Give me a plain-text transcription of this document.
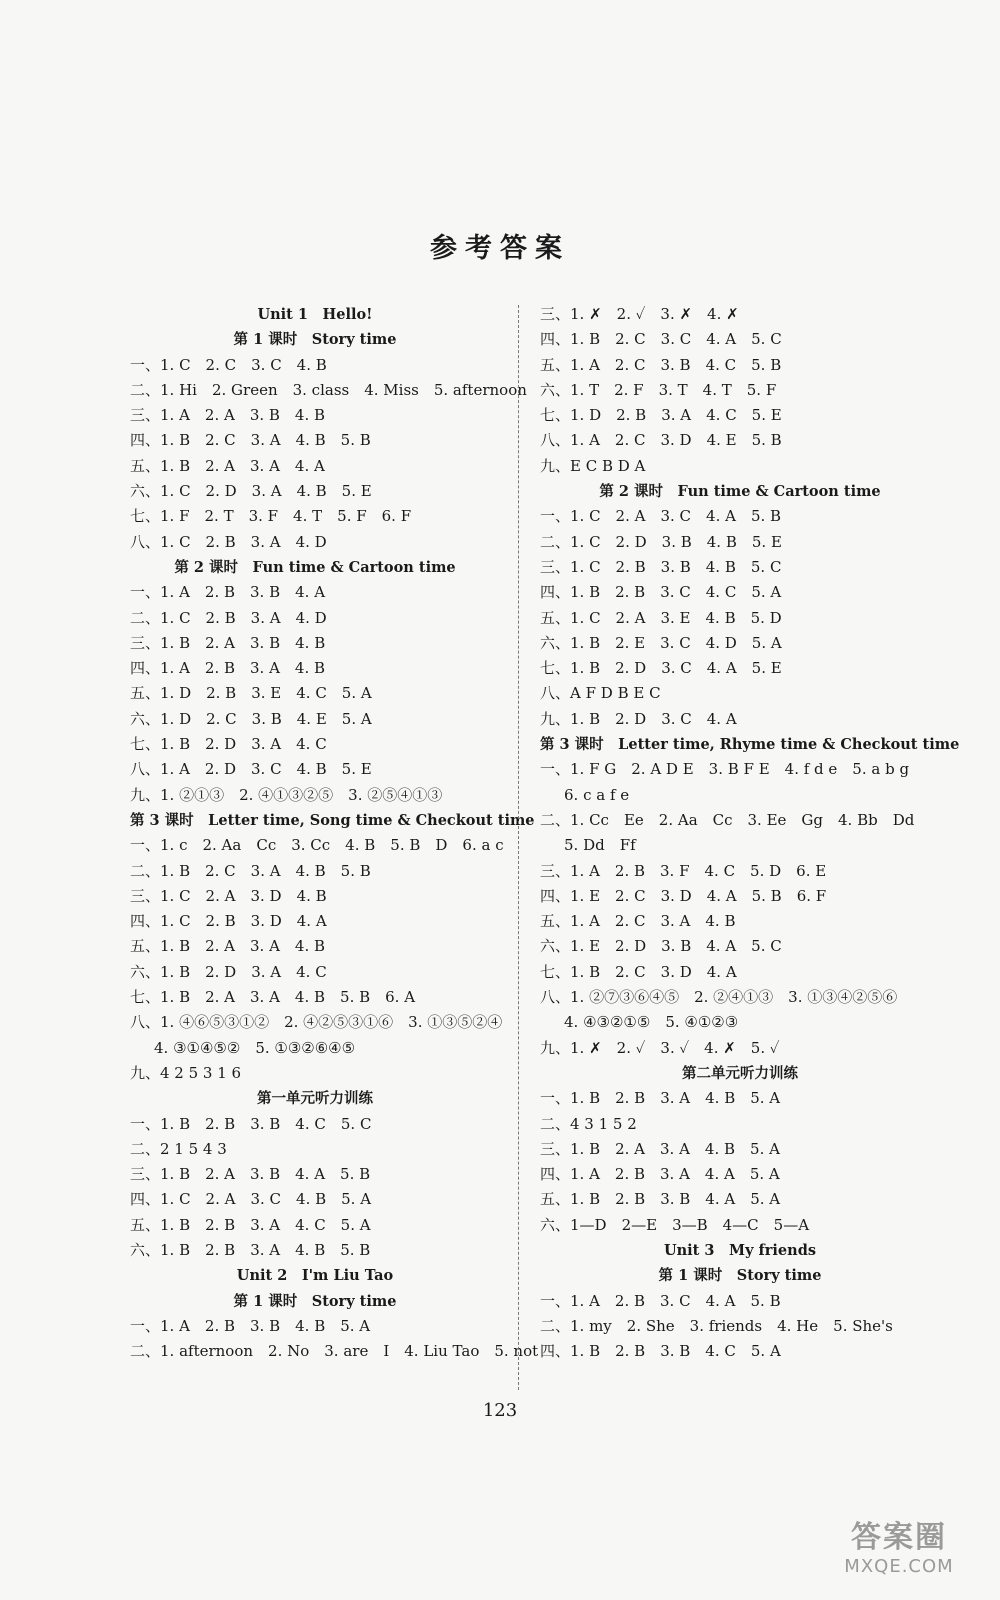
参考答案
Unit 1　Hello!
第 1 课时　Story time
一、1. C　2. C　3. C　4. B
二、1. Hi　2. Green　3. class　4. Miss　5. afternoon
三、1. A　2. A　3. B　4. B
四、1. B　2. C　3. A　4. B　5. B
五、1. B　2. A　3. A　4. A
六、1. C　2. D　3. A　4. B　5. E
七、1. F　2. T　3. F　4. T　5. F　6. F
八、1. C　2. B　3. A　4. D
第 2 课时　Fun time & Cartoon time
一、1. A　2. B　3. B　4. A
二、1. C　2. B　3. A　4. D
三、1. B　2. A　3. B　4. B
四、1. A　2. B　3. A　4. B
五、1. D　2. B　3. E　4. C　5. A
六、1. D　2. C　3. B　4. E　5. A
七、1. B　2. D　3. A　4. C
八、1. A　2. D　3. C　4. B　5. E
九、1. ②①③　2. ④①③②⑤　3. ②⑤④①③
第 3 课时　Letter time, Song time & Checkout time
一、1. c　2. Aa　Cc　3. Cc　4. B　5. B　D　6. a c
二、1. B　2. C　3. A　4. B　5. B
三、1. C　2. A　3. D　4. B
四、1. C　2. B　3. D　4. A
五、1. B　2. A　3. A　4. B
六、1. B　2. D　3. A　4. C
七、1. B　2. A　3. A　4. B　5. B　6. A
八、1. ④⑥⑤③①②　2. ④②⑤③①⑥　3. ①③⑤②④
4. ③①④⑤②　5. ①③②⑥④⑤
九、4 2 5 3 1 6
第一单元听力训练
一、1. B　2. B　3. B　4. C　5. C
二、2 1 5 4 3
三、1. B　2. A　3. B　4. A　5. B
四、1. C　2. A　3. C　4. B　5. A
五、1. B　2. B　3. A　4. C　5. A
六、1. B　2. B　3. A　4. B　5. B
Unit 2　I'm Liu Tao
第 1 课时　Story time
一、1. A　2. B　3. B　4. B　5. A
二、1. afternoon　2. No　3. are　I　4. Liu Tao　5. not
三、1. ✗　2. ✓　3. ✗　4. ✗
四、1. B　2. C　3. C　4. A　5. C
五、1. A　2. C　3. B　4. C　5. B
六、1. T　2. F　3. T　4. T　5. F
七、1. D　2. B　3. A　4. C　5. E
八、1. A　2. C　3. D　4. E　5. B
九、E C B D A
第 2 课时　Fun time & Cartoon time
一、1. C　2. A　3. C　4. A　5. B
二、1. C　2. D　3. B　4. B　5. E
三、1. C　2. B　3. B　4. B　5. C
四、1. B　2. B　3. C　4. C　5. A
五、1. C　2. A　3. E　4. B　5. D
六、1. B　2. E　3. C　4. D　5. A
七、1. B　2. D　3. C　4. A　5. E
八、A F D B E C
九、1. B　2. D　3. C　4. A
第 3 课时　Letter time, Rhyme time & Checkout time
一、1. F G　2. A D E　3. B F E　4. f d e　5. a b g
6. c a f e
二、1. Cc　Ee　2. Aa　Cc　3. Ee　Gg　4. Bb　Dd
5. Dd　Ff
三、1. A　2. B　3. F　4. C　5. D　6. E
四、1. E　2. C　3. D　4. A　5. B　6. F
五、1. A　2. C　3. A　4. B
六、1. E　2. D　3. B　4. A　5. C
七、1. B　2. C　3. D　4. A
八、1. ②⑦③⑥④⑤　2. ②④①③　3. ①③④②⑤⑥
4. ④③②①⑤　5. ④①②③
九、1. ✗　2. ✓　3. ✓　4. ✗　5. ✓
第二单元听力训练
一、1. B　2. B　3. A　4. B　5. A
二、4 3 1 5 2
三、1. B　2. A　3. A　4. B　5. A
四、1. A　2. B　3. A　4. A　5. A
五、1. B　2. B　3. B　4. A　5. A
六、1—D　2—E　3—B　4—C　5—A
Unit 3　My friends
第 1 课时　Story time
一、1. A　2. B　3. C　4. A　5. B
二、1. my　2. She　3. friends　4. He　5. She's
四、1. B　2. B　3. B　4. C　5. A
123
答案圈
MXQE.COM
